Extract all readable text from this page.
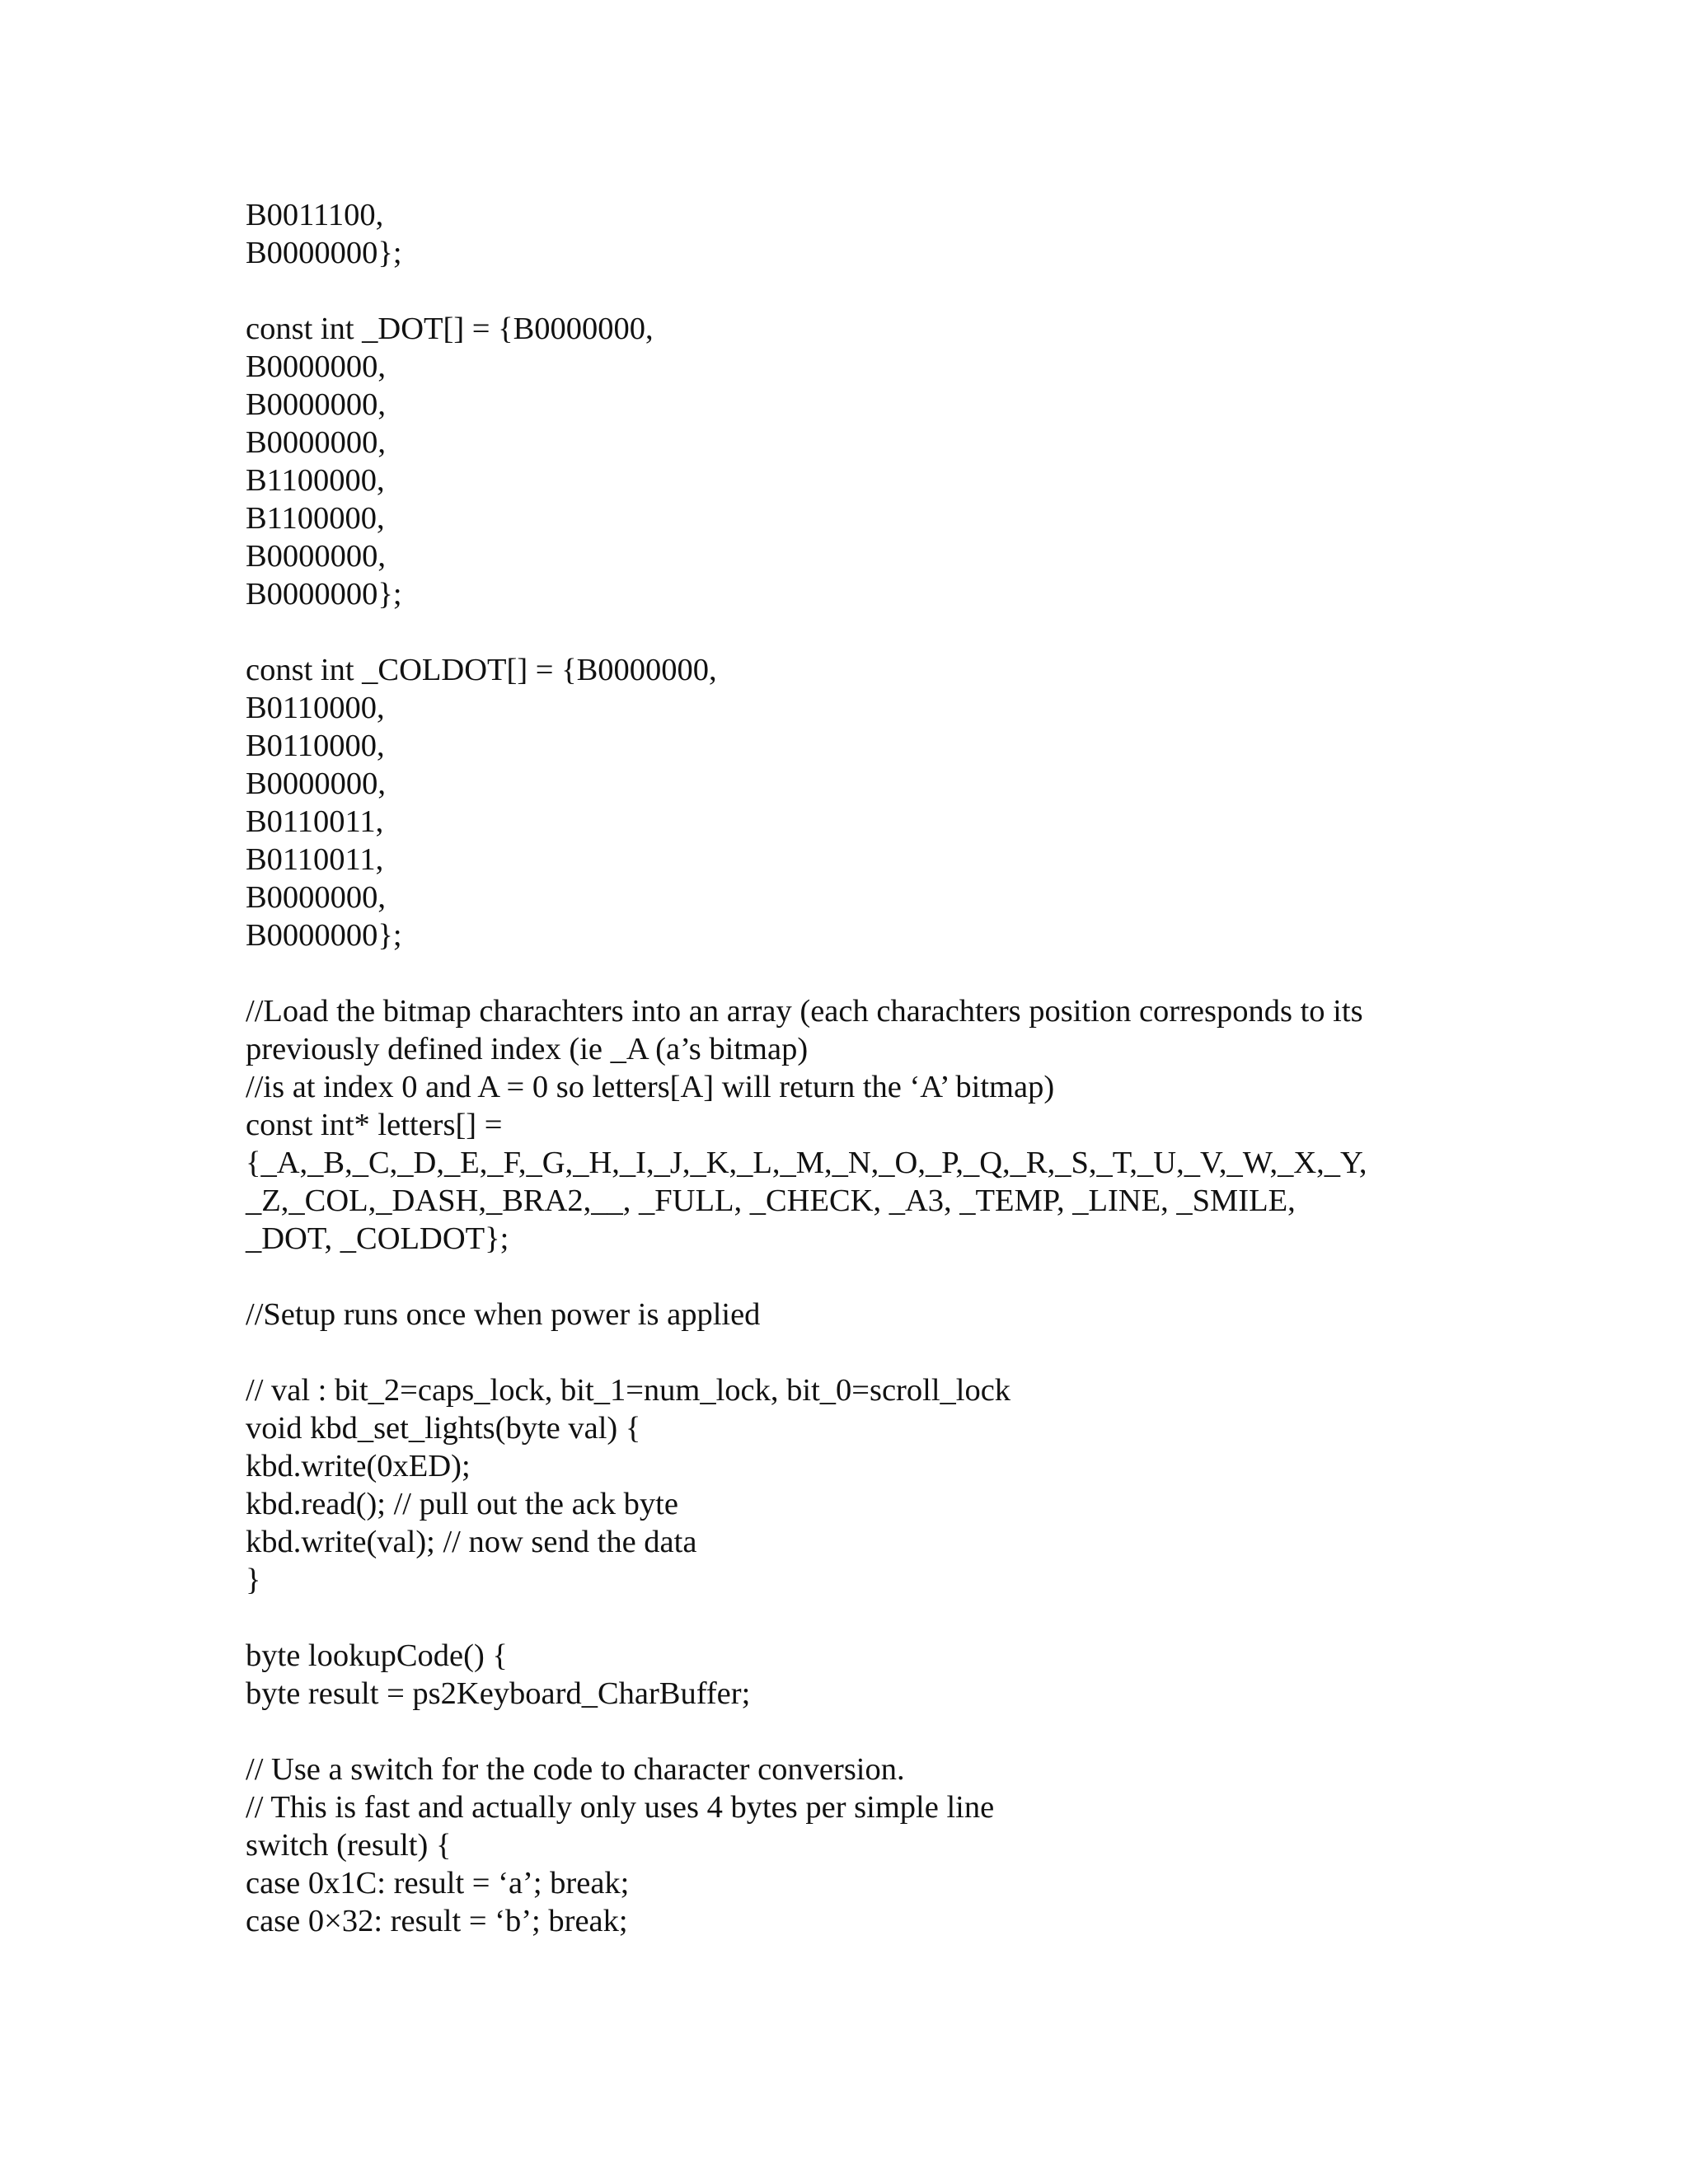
B0011100,
B0000000};
const int _DOT[] = {B0000000,
B0000000,
B0000000,
B0000000,
B1100000,
B1100000,
B0000000,
B0000000};
const int _COLDOT[] = {B0000000,
B0110000,
B0110000,
B0000000,
B0110011,
B0110011,
B0000000,
B0000000};
//Load the bitmap charachters into an array (each charachters position corresponds to its
previously defined index (ie _A (a’s bitmap)
//is at index 0 and A = 0 so letters[A] will return the ‘A’ bitmap)
const int* letters[] =
{_A,_B,_C,_D,_E,_F,_G,_H,_I,_J,_K,_L,_M,_N,_O,_P,_Q,_R,_S,_T,_U,_V,_W,_X,_Y,
_Z,_COL,_DASH,_BRA2,__, _FULL, _CHECK, _A3, _TEMP, _LINE, _SMILE,
_DOT, _COLDOT};
//Setup runs once when power is applied
// val : bit_2=caps_lock, bit_1=num_lock, bit_0=scroll_lock
void kbd_set_lights(byte val) {
kbd.write(0xED);
kbd.read(); // pull out the ack byte
kbd.write(val); // now send the data
}
byte lookupCode() {
byte result = ps2Keyboard_CharBuffer;
// Use a switch for the code to character conversion.
// This is fast and actually only uses 4 bytes per simple line
switch (result) {
case 0x1C: result = ‘a’; break;
case 0×32: result = ‘b’; break;
